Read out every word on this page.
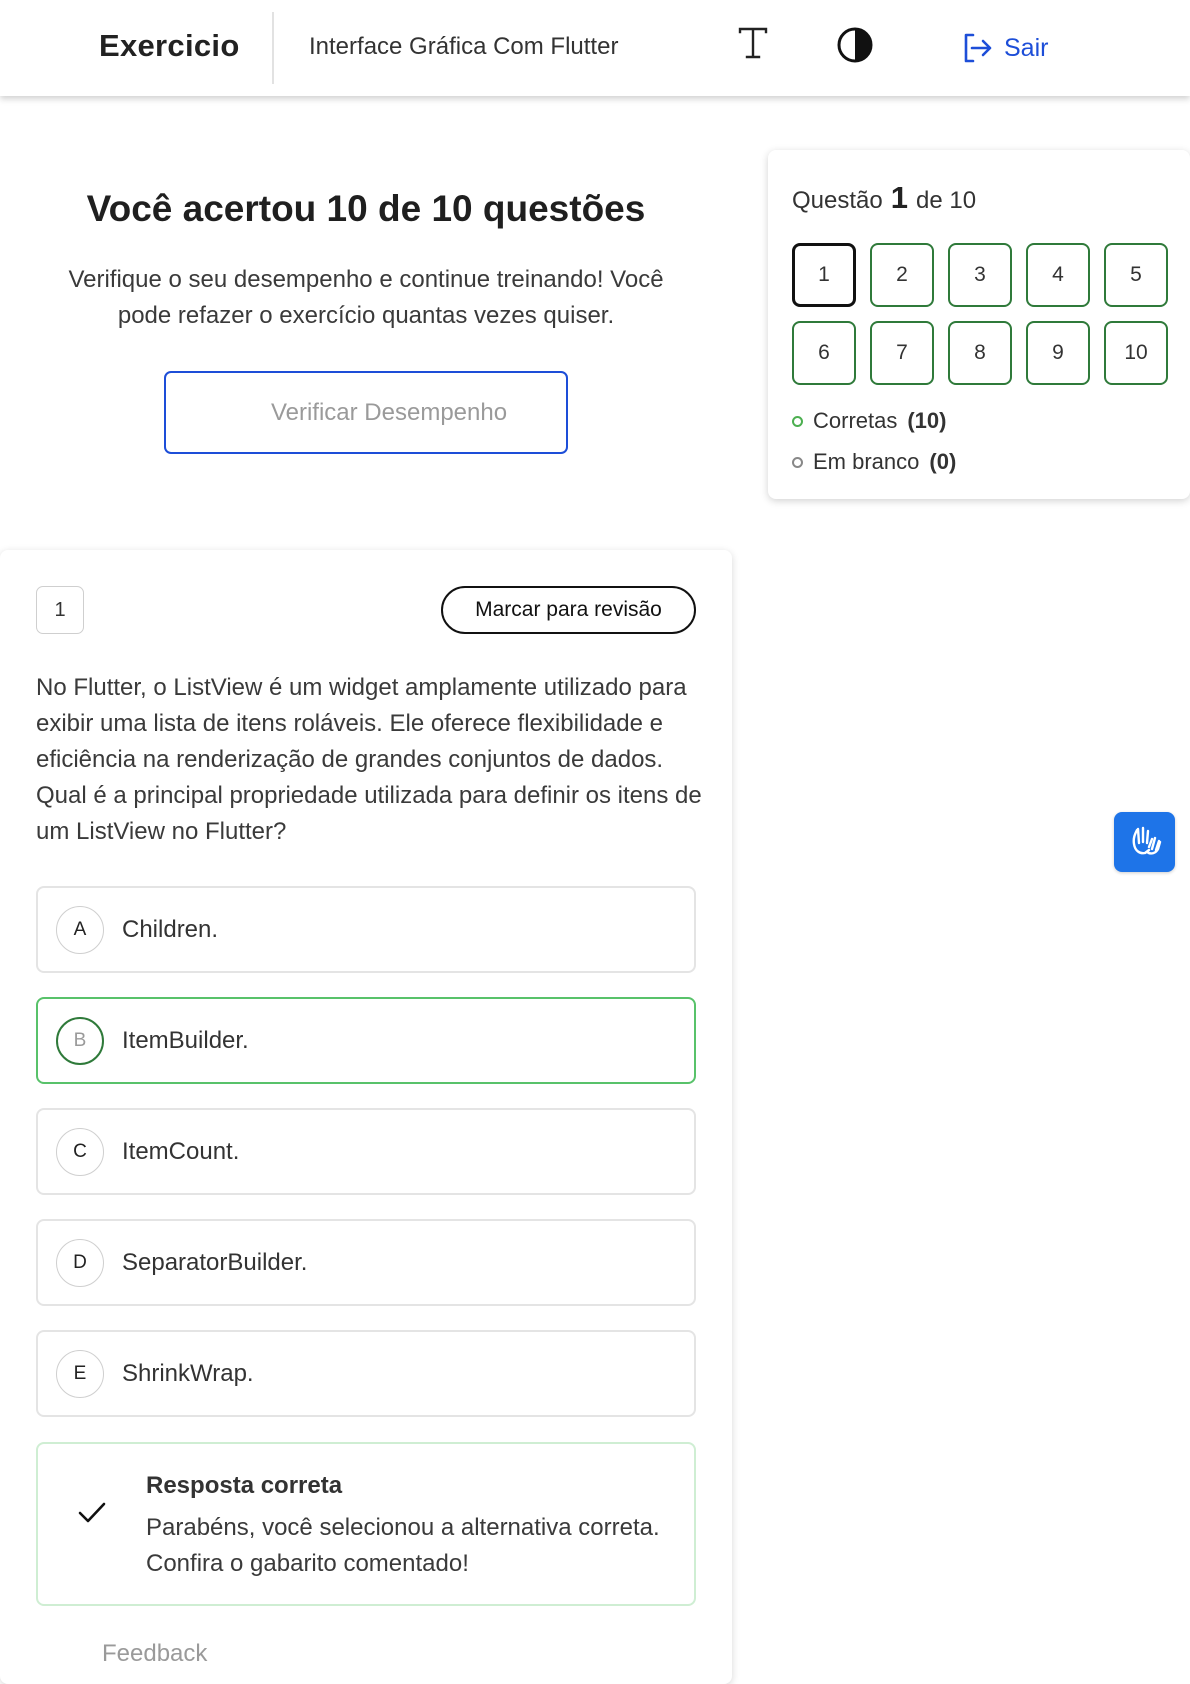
Exercicio	Interface Gráfica Com Flutter	Sair
Você acertou 10 de 10 questões
Verifique o seu desempenho e continue treinando! Você pode refazer o exercício quantas vezes quiser.
Verificar Desempenho
Questão 1 de 10
1	2	3	4	5
6	7	8	9	10
Corretas (10)
Em branco (0)
1	Marcar para revisão
No Flutter, o ListView é um widget amplamente utilizado para exibir uma lista de itens roláveis. Ele oferece flexibilidade e eficiência na renderização de grandes conjuntos de dados. Qual é a principal propriedade utilizada para definir os itens de um ListView no Flutter?
A	Children.
B	ItemBuilder.
C	ItemCount.
D	SeparatorBuilder.
E	ShrinkWrap.
Resposta correta
Parabéns, você selecionou a alternativa correta. Confira o gabarito comentado!
Feedback
